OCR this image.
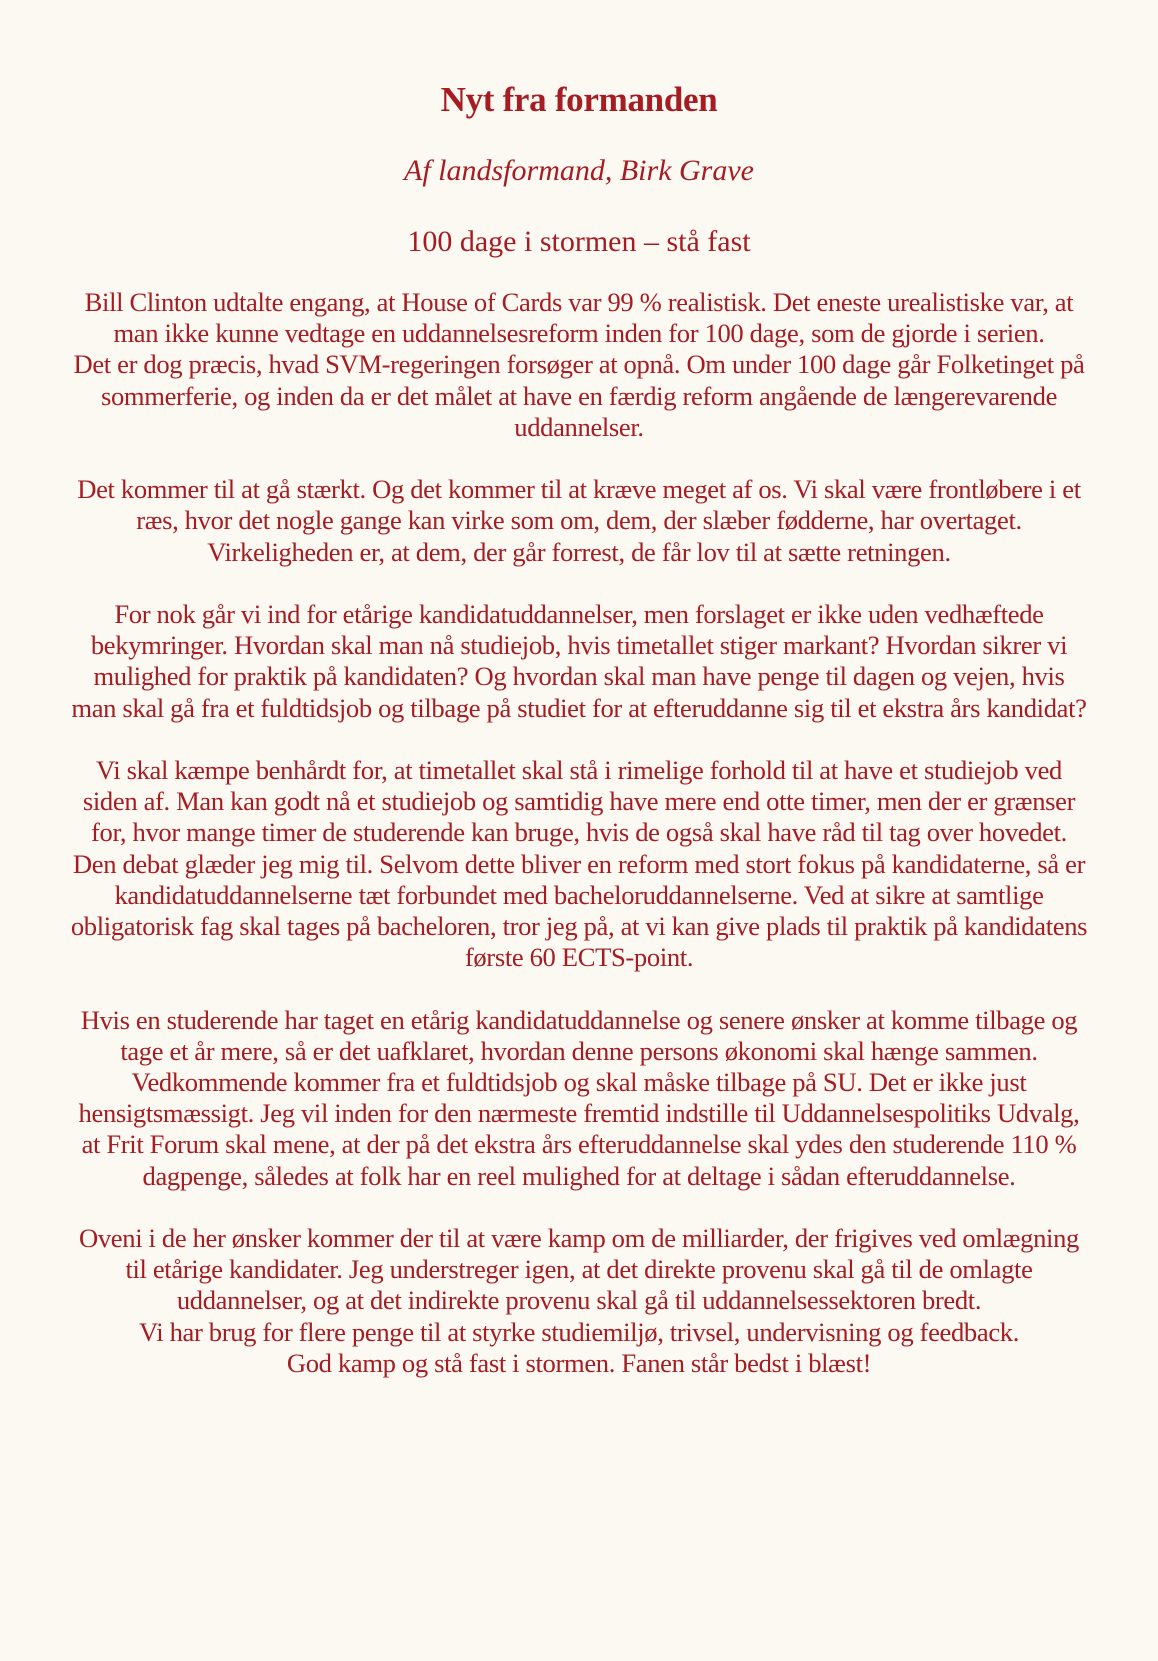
Nyt fra formanden

Af landsformand, Birk Grave

100 dage i stormen – stå fast

Bill Clinton udtalte engang, at House of Cards var 99 % realistisk. Det eneste urealistiske var, at man ikke kunne vedtage en uddannelsesreform inden for 100 dage, som de gjorde i serien.

Det er dog præcis, hvad SVM-regeringen forsøger at opnå. Om under 100 dage går Folketinget på sommerferie, og inden da er det målet at have en færdig reform angående de længerevarende uddannelser.

Det kommer til at gå stærkt. Og det kommer til at kræve meget af os. Vi skal være frontløbere i et ræs, hvor det nogle gange kan virke som om, dem, der slæber fødderne, har overtaget. Virkeligheden er, at dem, der går forrest, de får lov til at sætte retningen.

For nok går vi ind for etårige kandidatuddannelser, men forslaget er ikke uden vedhæftede bekymringer. Hvordan skal man nå studiejob, hvis timetallet stiger markant? Hvordan sikrer vi mulighed for praktik på kandidaten? Og hvordan skal man have penge til dagen og vejen, hvis man skal gå fra et fuldtidsjob og tilbage på studiet for at efteruddanne sig til et ekstra års kandidat?

Vi skal kæmpe benhårdt for, at timetallet skal stå i rimelige forhold til at have et studiejob ved siden af. Man kan godt nå et studiejob og samtidig have mere end otte timer, men der er grænser for, hvor mange timer de studerende kan bruge, hvis de også skal have råd til tag over hovedet. Den debat glæder jeg mig til. Selvom dette bliver en reform med stort fokus på kandidaterne, så er kandidatuddannelserne tæt forbundet med bacheloruddannelserne. Ved at sikre at samtlige obligatorisk fag skal tages på bacheloren, tror jeg på, at vi kan give plads til praktik på kandidatens første 60 ECTS-point.

Hvis en studerende har taget en etårig kandidatuddannelse og senere ønsker at komme tilbage og tage et år mere, så er det uafklaret, hvordan denne persons økonomi skal hænge sammen. Vedkommende kommer fra et fuldtidsjob og skal måske tilbage på SU. Det er ikke just hensigtsmæssigt. Jeg vil inden for den nærmeste fremtid indstille til Uddannelsespolitiks Udvalg, at Frit Forum skal mene, at der på det ekstra års efteruddannelse skal ydes den studerende 110 % dagpenge, således at folk har en reel mulighed for at deltage i sådan efteruddannelse.

Oveni i de her ønsker kommer der til at være kamp om de milliarder, der frigives ved omlægning til etårige kandidater. Jeg understreger igen, at det direkte provenu skal gå til de omlagte uddannelser, og at det indirekte provenu skal gå til uddannelsessektoren bredt.

Vi har brug for flere penge til at styrke studiemiljø, trivsel, undervisning og feedback.

God kamp og stå fast i stormen. Fanen står bedst i blæst!
